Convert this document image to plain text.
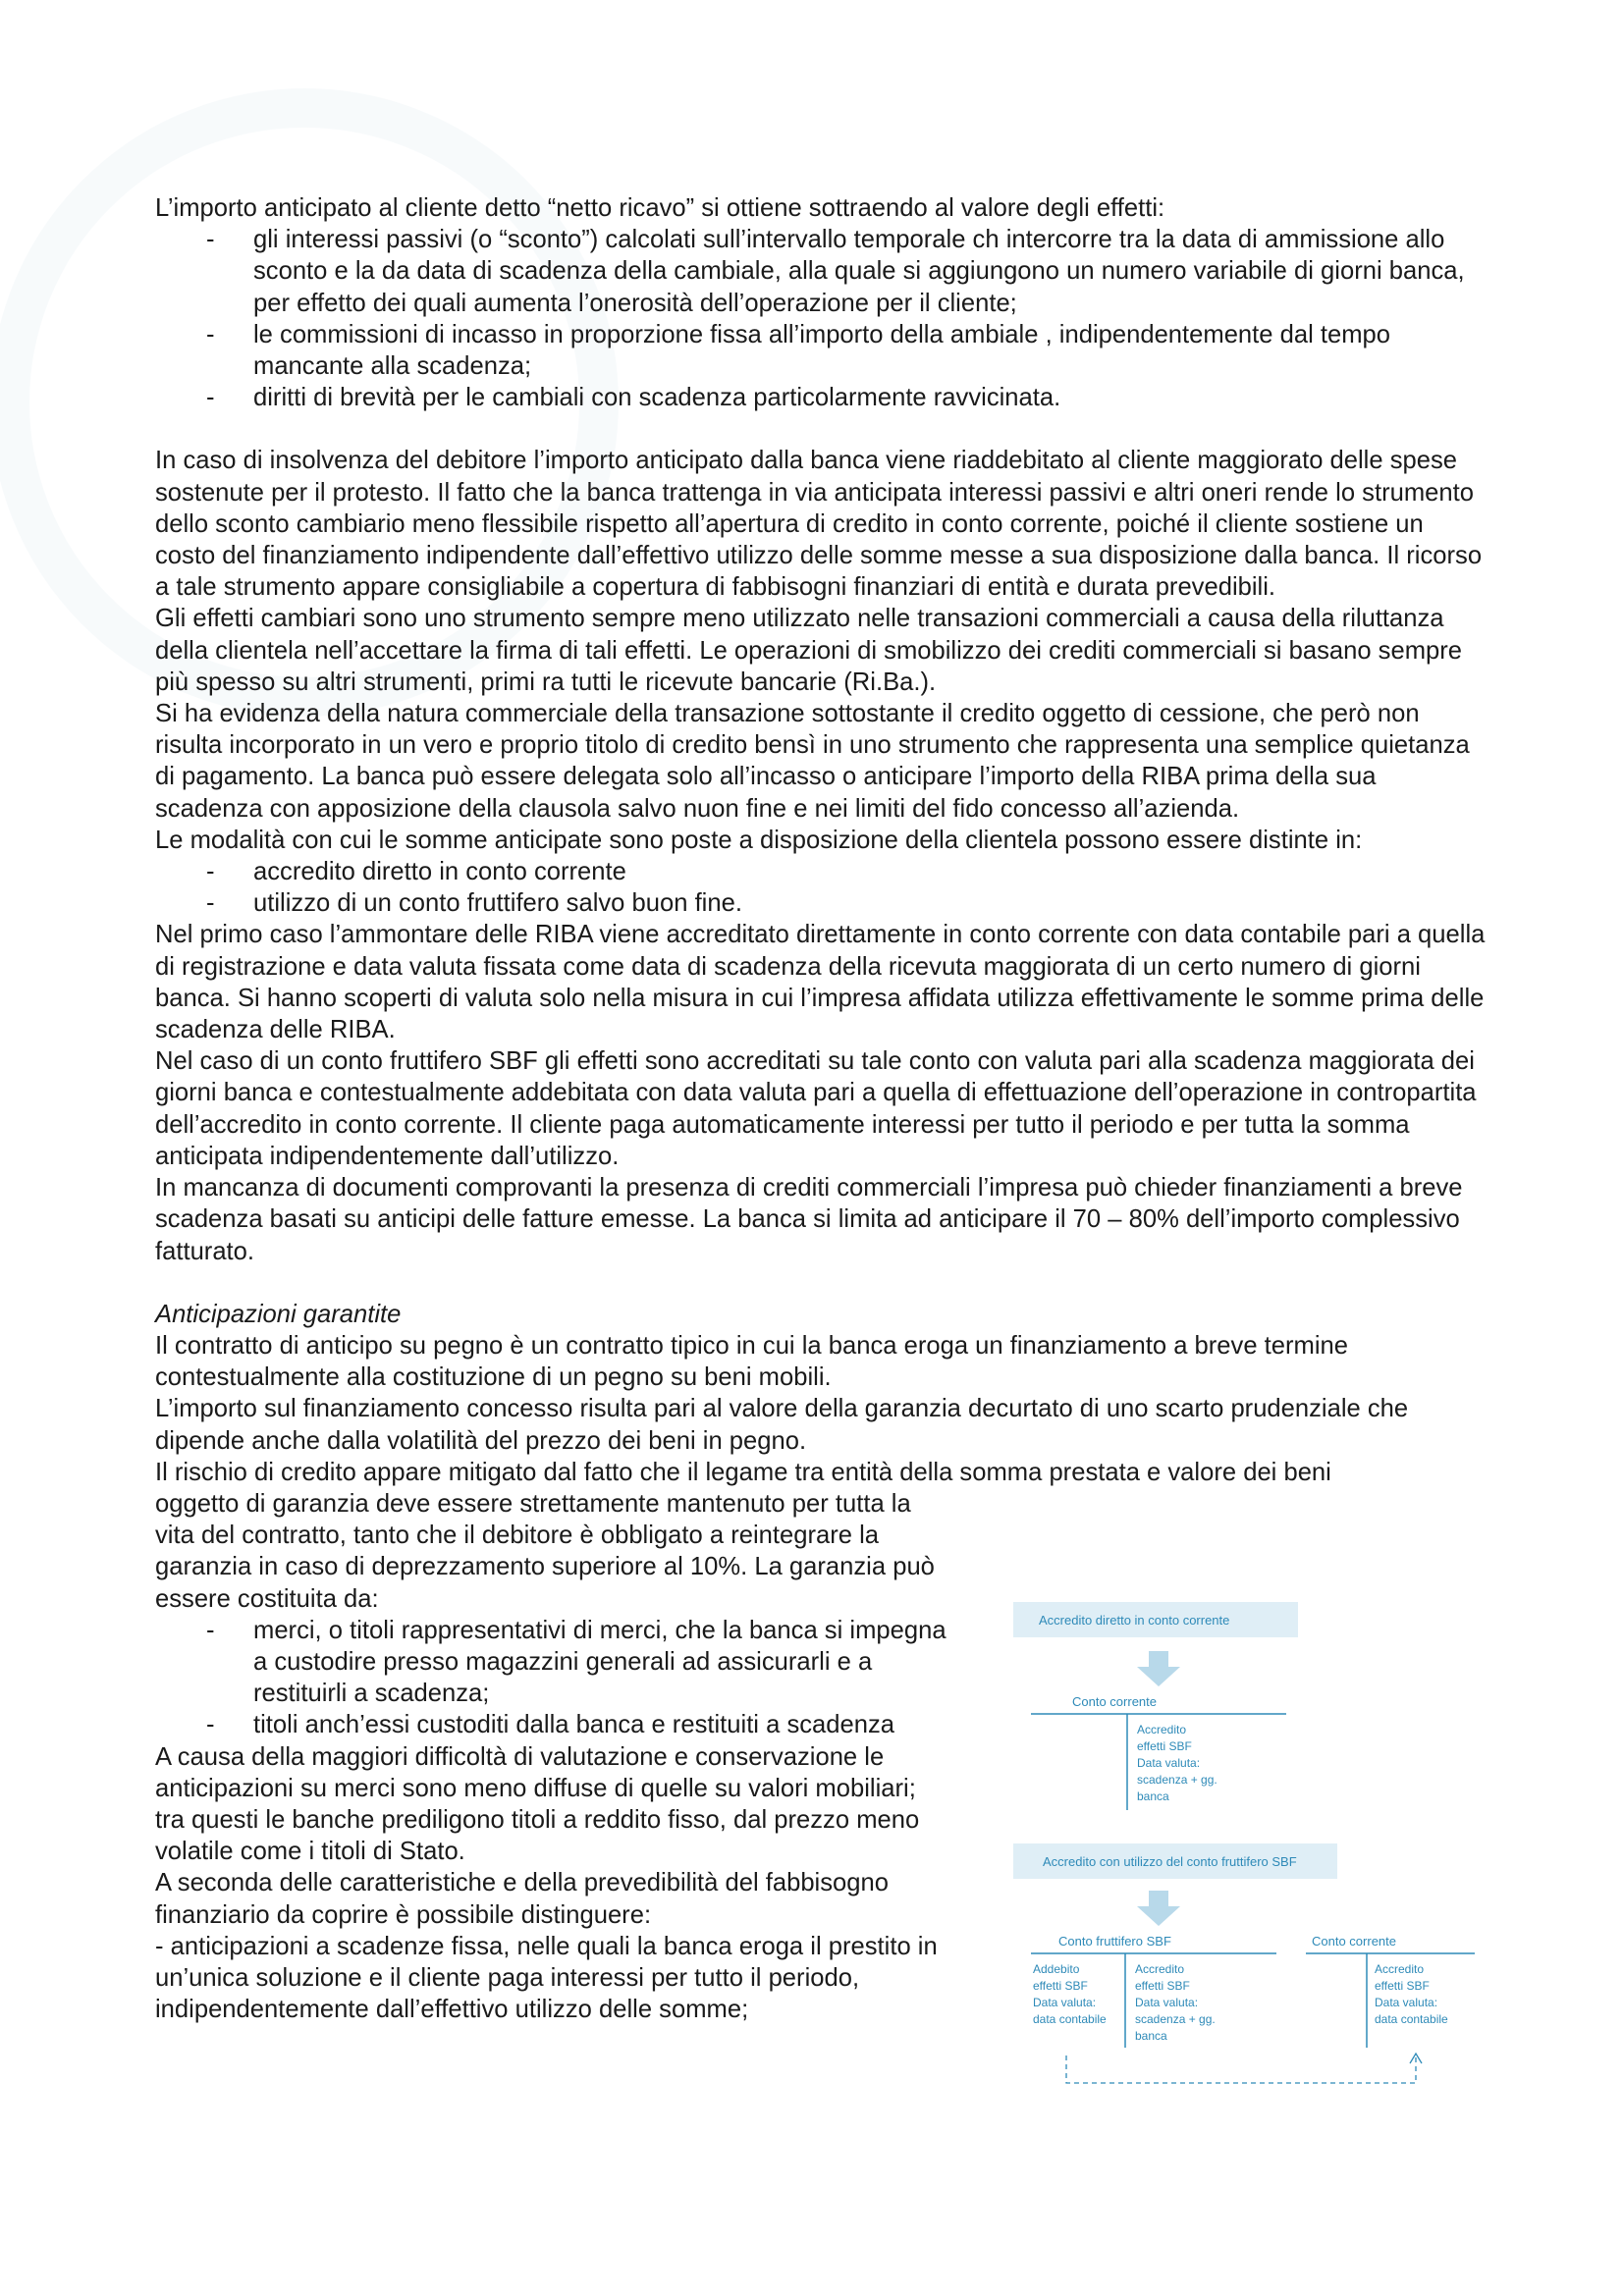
L’importo anticipato al cliente detto “netto ricavo” si ottiene sottraendo al valore degli effetti:

-	gli interessi passivi (o “sconto”) calcolati sull’intervallo temporale ch intercorre tra la data di ammissione allo sconto e la da data di scadenza della cambiale, alla quale si aggiungono un numero variabile di giorni banca, per effetto dei quali aumenta l’onerosità dell’operazione per il cliente;
-	le commissioni di incasso in proporzione fissa all’importo della ambiale , indipendentemente dal tempo mancante alla scadenza;
-	diritti di brevità per le cambiali con scadenza particolarmente ravvicinata.

In caso di insolvenza del debitore l’importo anticipato dalla banca viene riaddebitato al cliente maggiorato delle spese sostenute per il protesto. Il fatto che la banca trattenga in via anticipata interessi passivi e altri oneri rende lo strumento dello sconto cambiario meno flessibile rispetto all’apertura di credito in conto corrente, poiché il cliente sostiene un costo del finanziamento indipendente dall’effettivo utilizzo delle somme messe a sua disposizione dalla banca. Il ricorso a tale strumento appare consigliabile a copertura di fabbisogni finanziari di entità e durata prevedibili.

Gli effetti cambiari sono uno strumento sempre meno utilizzato nelle transazioni commerciali a causa della riluttanza della clientela nell’accettare la firma di tali effetti. Le operazioni di smobilizzo dei crediti commerciali si basano sempre più spesso su altri strumenti, primi ra tutti le ricevute bancarie (Ri.Ba.).

Si ha evidenza della natura commerciale della transazione sottostante il credito oggetto di cessione, che però non risulta incorporato in un vero e proprio titolo di credito bensì in uno strumento che rappresenta una semplice quietanza di pagamento. La banca può essere delegata solo all’incasso o anticipare l’importo della RIBA prima della sua scadenza con apposizione della clausola salvo nuon fine e nei limiti del fido concesso all’azienda.

Le modalità con cui le somme anticipate sono poste a disposizione della clientela possono essere distinte in:

-	accredito diretto in conto corrente
-	utilizzo di un conto fruttifero salvo buon fine.

Nel primo caso l’ammontare delle RIBA viene accreditato direttamente in conto corrente con data contabile pari a quella di registrazione e data valuta fissata come data di scadenza della ricevuta maggiorata di un certo numero di giorni banca. Si hanno scoperti di valuta solo nella misura in cui l’impresa affidata utilizza effettivamente le somme prima delle scadenza delle RIBA.

Nel caso di un conto fruttifero SBF gli effetti sono accreditati su tale conto con valuta pari alla scadenza maggiorata dei giorni banca e contestualmente addebitata con data valuta pari a quella di effettuazione dell’operazione in contropartita dell’accredito in conto corrente. Il cliente paga automaticamente interessi per tutto il periodo e per tutta la somma anticipata indipendentemente dall’utilizzo.

In mancanza di documenti comprovanti la presenza di crediti commerciali l’impresa può chieder finanziamenti a breve scadenza basati su anticipi delle fatture emesse. La banca si limita ad anticipare il 70 – 80% dell’importo complessivo fatturato.

Anticipazioni garantite

Il contratto di anticipo su pegno è un contratto tipico in cui la banca eroga un finanziamento a breve termine contestualmente alla costituzione di un pegno su beni mobili.

L’importo sul finanziamento concesso risulta pari al valore della garanzia decurtato di uno scarto prudenziale che dipende anche dalla volatilità del prezzo dei beni in pegno.

Il rischio di credito appare mitigato dal fatto che il legame tra entità della somma prestata e valore dei beni

oggetto di garanzia deve essere strettamente mantenuto per tutta la vita del contratto, tanto che il debitore è obbligato a reintegrare la garanzia in caso di deprezzamento superiore al 10%. La garanzia può essere costituita da:

-	merci, o titoli rappresentativi di merci, che la banca si impegna a custodire presso magazzini generali ad assicurarli e a restituirli a scadenza;
-	titoli anch’essi custoditi dalla banca e restituiti a scadenza

A causa della maggiori difficoltà di valutazione e conservazione le anticipazioni su merci sono meno diffuse di quelle su valori mobiliari; tra questi le banche prediligono titoli a reddito fisso, dal prezzo meno volatile come i titoli di Stato.

A seconda delle caratteristiche e della prevedibilità del fabbisogno finanziario da coprire è possibile distinguere:

- anticipazioni a scadenze fissa, nelle quali la banca eroga il prestito in un’unica soluzione e il cliente paga interessi per tutto il periodo, indipendentemente dall’effettivo utilizzo delle somme;

Accredito diretto in conto corrente
Conto corrente
Accredito effetti SBF Data valuta: scadenza + gg. banca
Accredito con utilizzo del conto fruttifero SBF
Conto fruttifero SBF
Addebito effetti SBF Data valuta: data contabile
Accredito effetti SBF Data valuta: scadenza + gg. banca
Conto corrente
Accredito effetti SBF Data valuta: data contabile
